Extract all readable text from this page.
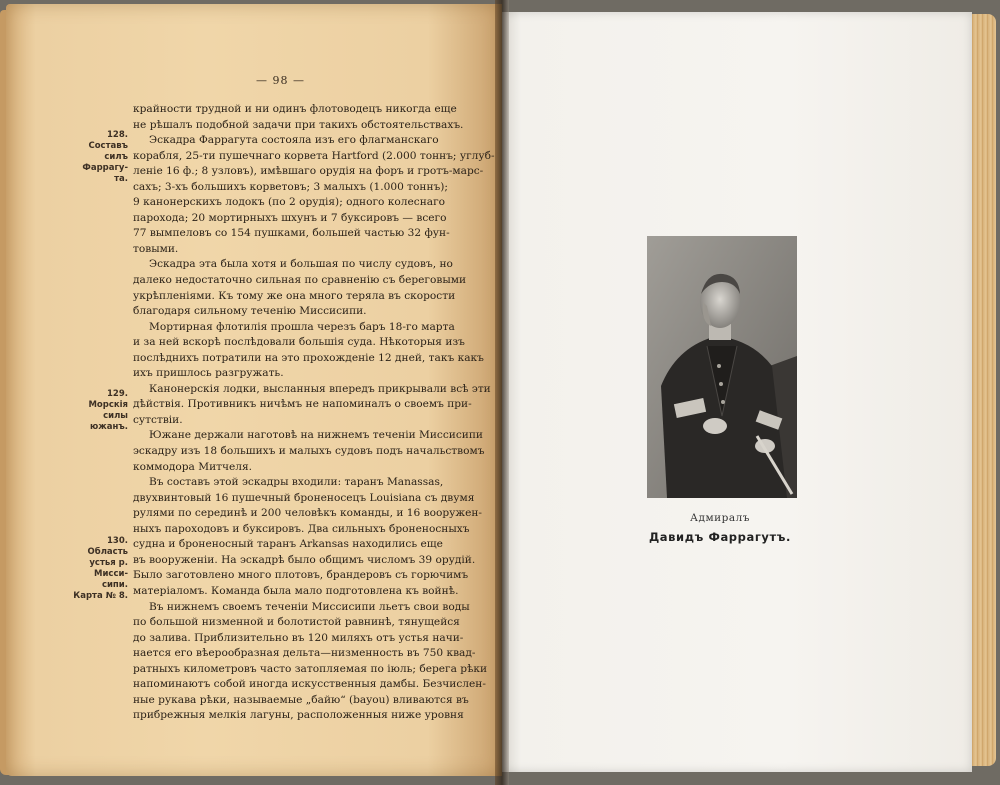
— 98 —
128. Составъ
силъ Фаррагу-
та.
129. Морскія
силы южанъ.
130. Область
устья р. Мисси-
сипи.
Карта № 8.
крайности трудной и ни одинъ флотоводецъ никогда еще
не рѣшалъ подобной задачи при такихъ обстоятельствахъ.
Эскадра Фаррагута состояла изъ его флагманскаго
корабля, 25-ти пушечнаго корвета Hartford (2.000 тоннъ; углуб-
леніе 16 ф.; 8 узловъ), имѣвшаго орудія на форъ и гротъ-марс-
сахъ; 3-хъ большихъ корветовъ; 3 малыхъ (1.000 тоннъ);
9 канонерскихъ лодокъ (по 2 орудія); одного колеснаго
парохода; 20 мортирныхъ шхунъ и 7 буксировъ — всего
77 вымпеловъ со 154 пушками, большей частью 32 фун-
товыми.
Эскадра эта была хотя и большая по числу судовъ, но
далеко недостаточно сильная по сравненію съ береговыми
укрѣпленіями. Къ тому же она много теряла въ скорости
благодаря сильному теченію Миссисипи.
Мортирная флотилія прошла черезъ баръ 18-го марта
и за ней вскорѣ послѣдовали большія суда. Нѣкоторыя изъ
послѣднихъ потратили на это прохожденіе 12 дней, такъ какъ
ихъ пришлось разгружать.
Канонерскія лодки, высланныя впередъ прикрывали всѣ эти
дѣйствія. Противникъ ничѣмъ не напоминалъ о своемъ при-
сутствіи.
Южане держали наготовѣ на нижнемъ теченіи Миссисипи
эскадру изъ 18 большихъ и малыхъ судовъ подъ начальствомъ
коммодора Митчеля.
Въ составъ этой эскадры входили: таранъ Manassas,
двухвинтовый 16 пушечный броненосецъ Louisiana съ двумя
рулями по серединѣ и 200 человѣкъ команды, и 16 вооружен-
ныхъ пароходовъ и буксировъ. Два сильныхъ броненосныхъ
судна и броненосный таранъ Arkansas находились еще
въ вооруженіи. На эскадрѣ было общимъ числомъ 39 орудій.
Было заготовлено много плотовъ, брандеровъ съ горючимъ
матеріаломъ. Команда была мало подготовлена къ войнѣ.
Въ нижнемъ своемъ теченіи Миссисипи льетъ свои воды
по большой низменной и болотистой равнинѣ, тянущейся
до залива. Приблизительно въ 120 миляхъ отъ устья начи-
нается его вѣерообразная дельта—низменность въ 750 квад-
ратныхъ километровъ часто затопляемая по іюль; берега рѣки
напоминаютъ собой иногда искусственныя дамбы. Безчислен-
ные рукава рѣки, называемые „байю“ (bayou) вливаются въ
прибрежныя мелкія лагуны, расположенныя ниже уровня
Адмиралъ
Давидъ Фаррагутъ.
